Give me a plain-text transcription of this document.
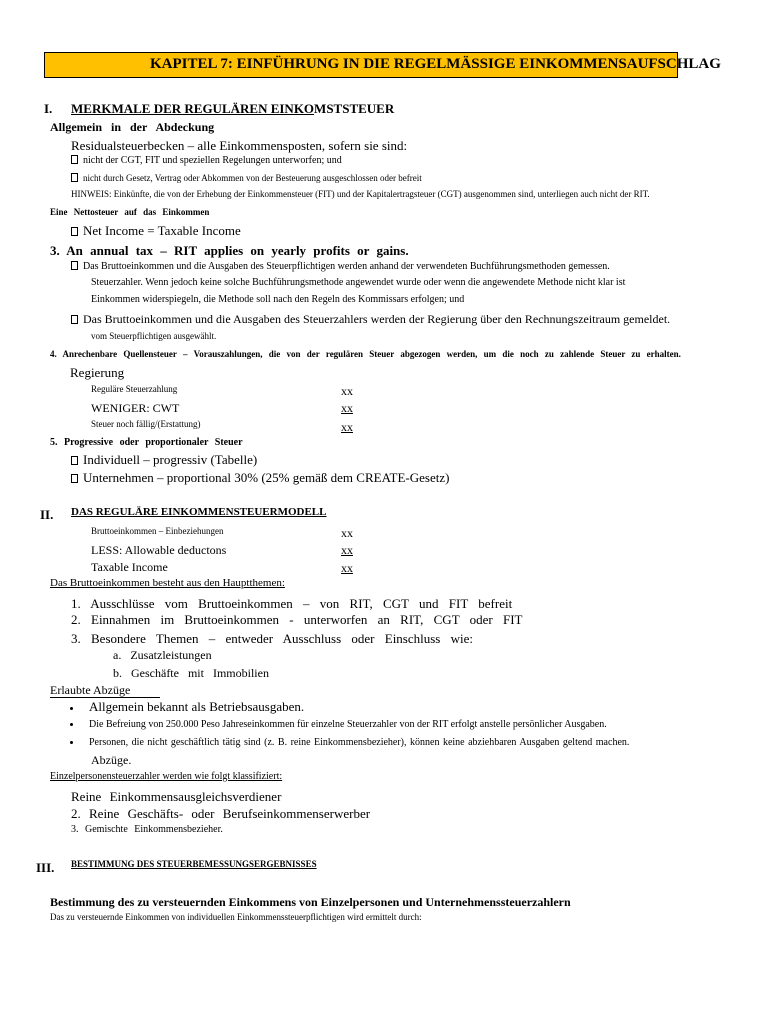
KAPITEL 7: EINFÜHRUNG IN DIE REGELMÄSSIGE EINKOMMENSAUFSCHLAG
I. MERKMALE DER REGULÄREN EINKOMSTSTEUER
Allgemein in der Abdeckung
Residualsteuerbecken – alle Einkommensposten, sofern sie sind:
nicht der CGT, FIT und speziellen Regelungen unterworfen; und
nicht durch Gesetz, Vertrag oder Abkommen von der Besteuerung ausgeschlossen oder befreit
HINWEIS: Einkünfte, die von der Erhebung der Einkommensteuer (FIT) und der Kapitalertragsteuer (CGT) ausgenommen sind, unterliegen auch nicht der RIT.
Eine Nettosteuer auf das Einkommen
Net Income = Taxable Income
3. An annual tax – RIT applies on yearly profits or gains.
Das Bruttoeinkommen und die Ausgaben des Steuerpflichtigen werden anhand der verwendeten Buchführungsmethoden gemessen.
Steuerzahler. Wenn jedoch keine solche Buchführungsmethode angewendet wurde oder wenn die angewendete Methode nicht klar ist
Einkommen widerspiegeln, die Methode soll nach den Regeln des Kommissars erfolgen; und
Das Bruttoeinkommen und die Ausgaben des Steuerzahlers werden der Regierung über den Rechnungszeitraum gemeldet.
vom Steuerpflichtigen ausgewählt.
4. Anrechenbare Quellensteuer – Vorauszahlungen, die von der regulären Steuer abgezogen werden, um die noch zu zahlende Steuer zu erhalten.
Regierung
Reguläre Steuerzahlung	xx
WENIGER: CWT	xx
Steuer noch fällig/(Erstattung)	xx
5. Progressive oder proportionaler Steuer
Individuell – progressiv (Tabelle)
Unternehmen – proportional 30% (25% gemäß dem CREATE-Gesetz)
II. DAS REGULÄRE EINKOMMENSTEUERMODELL
Bruttoeinkommen – Einbeziehungen	xx
LESS: Allowable deductons	xx
Taxable Income	xx
Das Bruttoeinkommen besteht aus den Hauptthemen:
1. Ausschlüsse vom Bruttoeinkommen – von RIT, CGT und FIT befreit
2. Einnahmen im Bruttoeinkommen - unterworfen an RIT, CGT oder FIT
3. Besondere Themen – entweder Ausschluss oder Einschluss wie:
a. Zusatzleistungen
b. Geschäfte mit Immobilien
Erlaubte Abzüge
Allgemein bekannt als Betriebsausgaben.
Die Befreiung von 250.000 Peso Jahreseinkommen für einzelne Steuerzahler von der RIT erfolgt anstelle persönlicher Ausgaben.
Personen, die nicht geschäftlich tätig sind (z. B. reine Einkommensbezieher), können keine abziehbaren Ausgaben geltend machen.
Abzüge.
Einzelpersonensteuerzahler werden wie folgt klassifiziert:
Reine Einkommensausgleichsverdiener
2. Reine Geschäfts- oder Berufseinkommenserwerber
3. Gemischte Einkommensbezieher.
III. BESTIMMUNG DES STEUERBEMESSUNGSERGEBNISSES
Bestimmung des zu versteuernden Einkommens von Einzelpersonen und Unternehmenssteuerzahlern
Das zu versteuernde Einkommen von individuellen Einkommenssteuerpflichtigen wird ermittelt durch:
